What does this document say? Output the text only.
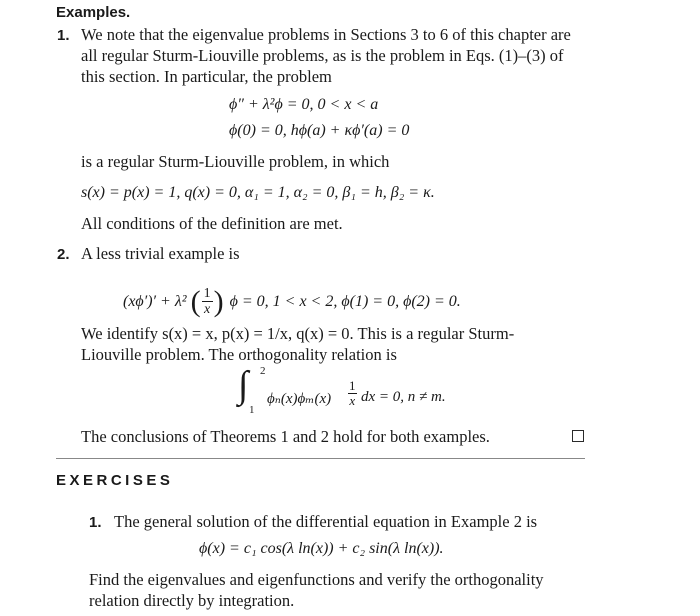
Examples.
1. We note that the eigenvalue problems in Sections 3 to 6 of this chapter are
all regular Sturm-Liouville problems, as is the problem in Eqs. (1)–(3) of
this section. In particular, the problem
ϕ″ + λ²ϕ = 0, 0 < x < a
ϕ(0) = 0, hϕ(a) + κϕ′(a) = 0
is a regular Sturm-Liouville problem, in which
s(x) = p(x) = 1, q(x) = 0, α₁ = 1, α₂ = 0, β₁ = h, β₂ = κ.
All conditions of the definition are met.
2. A less trivial example is
(xϕ′)′ + λ² ( $\frac{1}{x}$ ) ϕ = 0, 1 < x < 2, ϕ(1) = 0, ϕ(2) = 0.
We identify s(x) = x, p(x) = 1/x, q(x) = 0. This is a regular Sturm-
Liouville problem. The orthogonality relation is
∫ 2
1
$\phi_n(x)\phi_m(x) \frac{1}{x}$ dx = 0, n ≠ m.
The conclusions of Theorems 1 and 2 hold for both examples.
EXERCISES
1. The general solution of the differential equation in Example 2 is
ϕ(x) = c₁ cos(λ ln(x)) + c₂ sin(λ ln(x)).
Find the eigenvalues and eigenfunctions and verify the orthogonality
relation directly by integration.
